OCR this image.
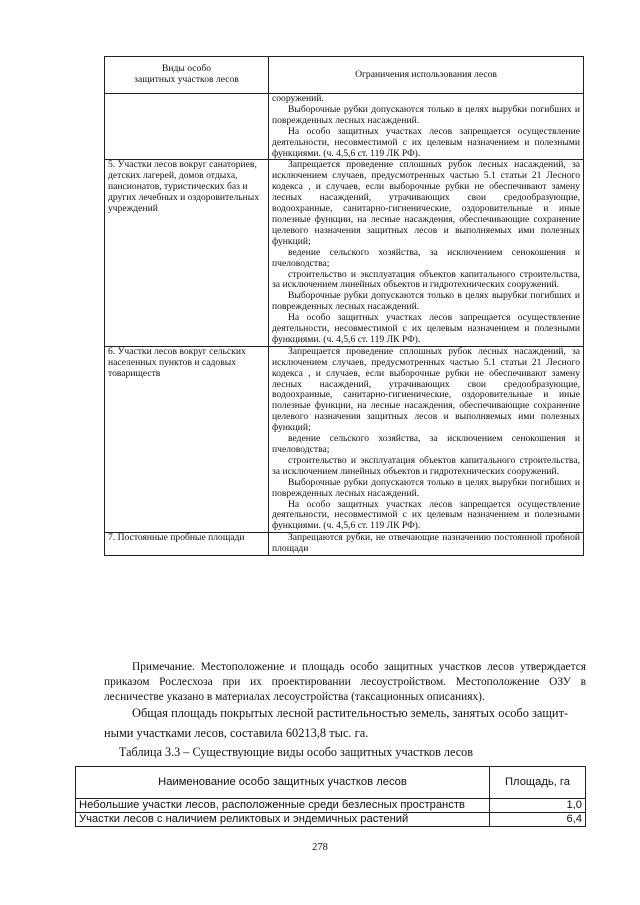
Виды особо
защитных участков лесов	Ограничения использования лесов

	сооружений.

Выборочные рубки допускаются только в целях вырубки погибших и поврежденных лесных насаждений.

На особо защитных участках лесов запрещается осуществление деятельности, несовместимой с их целевым назначением и полезными функциями. (ч. 4,5,6 ст. 119 ЛК РФ).

5. Участки лесов вокруг санаториев, детских лагерей, домов отдыха, пансионатов, туристических баз и других лечебных и оздоровительных учреждений	Запрещается проведение сплошных рубок лесных насаждений, за исключением случаев, предусмотренных частью 5.1 статьи 21 Лесного кодекса , и случаев, если выборочные рубки не обеспечивают замену лесных насаждений, утрачивающих свои средообразующие, водоохранные, санитарно-гигиенические, оздоровительные и иные полезные функции, на лесные насаждения, обеспечивающие сохранение целевого назначения защитных лесов и выполняемых ими полезных функций;

ведение сельского хозяйства, за исключением сенокошения и пчеловодства;

строительство и эксплуатация объектов капитального строительства, за исключением линейных объектов и гидротехнических сооружений.

Выборочные рубки допускаются только в целях вырубки погибших и поврежденных лесных насаждений.

На особо защитных участках лесов запрещается осуществление деятельности, несовместимой с их целевым назначением и полезными функциями. (ч. 4,5,6 ст. 119 ЛК РФ).

6. Участки лесов вокруг сельских населенных пунктов и садовых товариществ	Запрещается проведение сплошных рубок лесных насаждений, за исключением случаев, предусмотренных частью 5.1 статьи 21 Лесного кодекса , и случаев, если выборочные рубки не обеспечивают замену лесных насаждений, утрачивающих свои средообразующие, водоохранные, санитарно-гигиенические, оздоровительные и иные полезные функции, на лесные насаждения, обеспечивающие сохранение целевого назначения защитных лесов и выполняемых ими полезных функций;

ведение сельского хозяйства, за исключением сенокошения и пчеловодства;

строительство и эксплуатация объектов капитального строительства, за исключением линейных объектов и гидротехнических сооружений.

Выборочные рубки допускаются только в целях вырубки погибших и поврежденных лесных насаждений.

На особо защитных участках лесов запрещается осуществление деятельности, несовместимой с их целевым назначением и полезными функциями. (ч. 4,5,6 ст. 119 ЛК РФ).

7. Постоянные пробные площади	Запрещаются рубки, не отвечающие назначению постоянной пробной площади

Примечание. Местоположение и площадь особо защитных участков лесов утверждается приказом Рослесхоза при их проектировании лесоустройством. Местоположение ОЗУ в лесничестве указано в материалах лесоустройства (таксационных описаниях).

Общая площадь покрытых лесной растительностью земель, занятых особо защит-

ными участками лесов, составила 60213,8 тыс. га.

Таблица 3.3 – Существующие виды особо защитных участков лесов

Наименование особо защитных участков лесов	Площадь, га
Небольшие участки лесов, расположенные среди безлесных пространств	1,0
Участки лесов с наличием реликтовых и эндемичных растений	6,4
278
